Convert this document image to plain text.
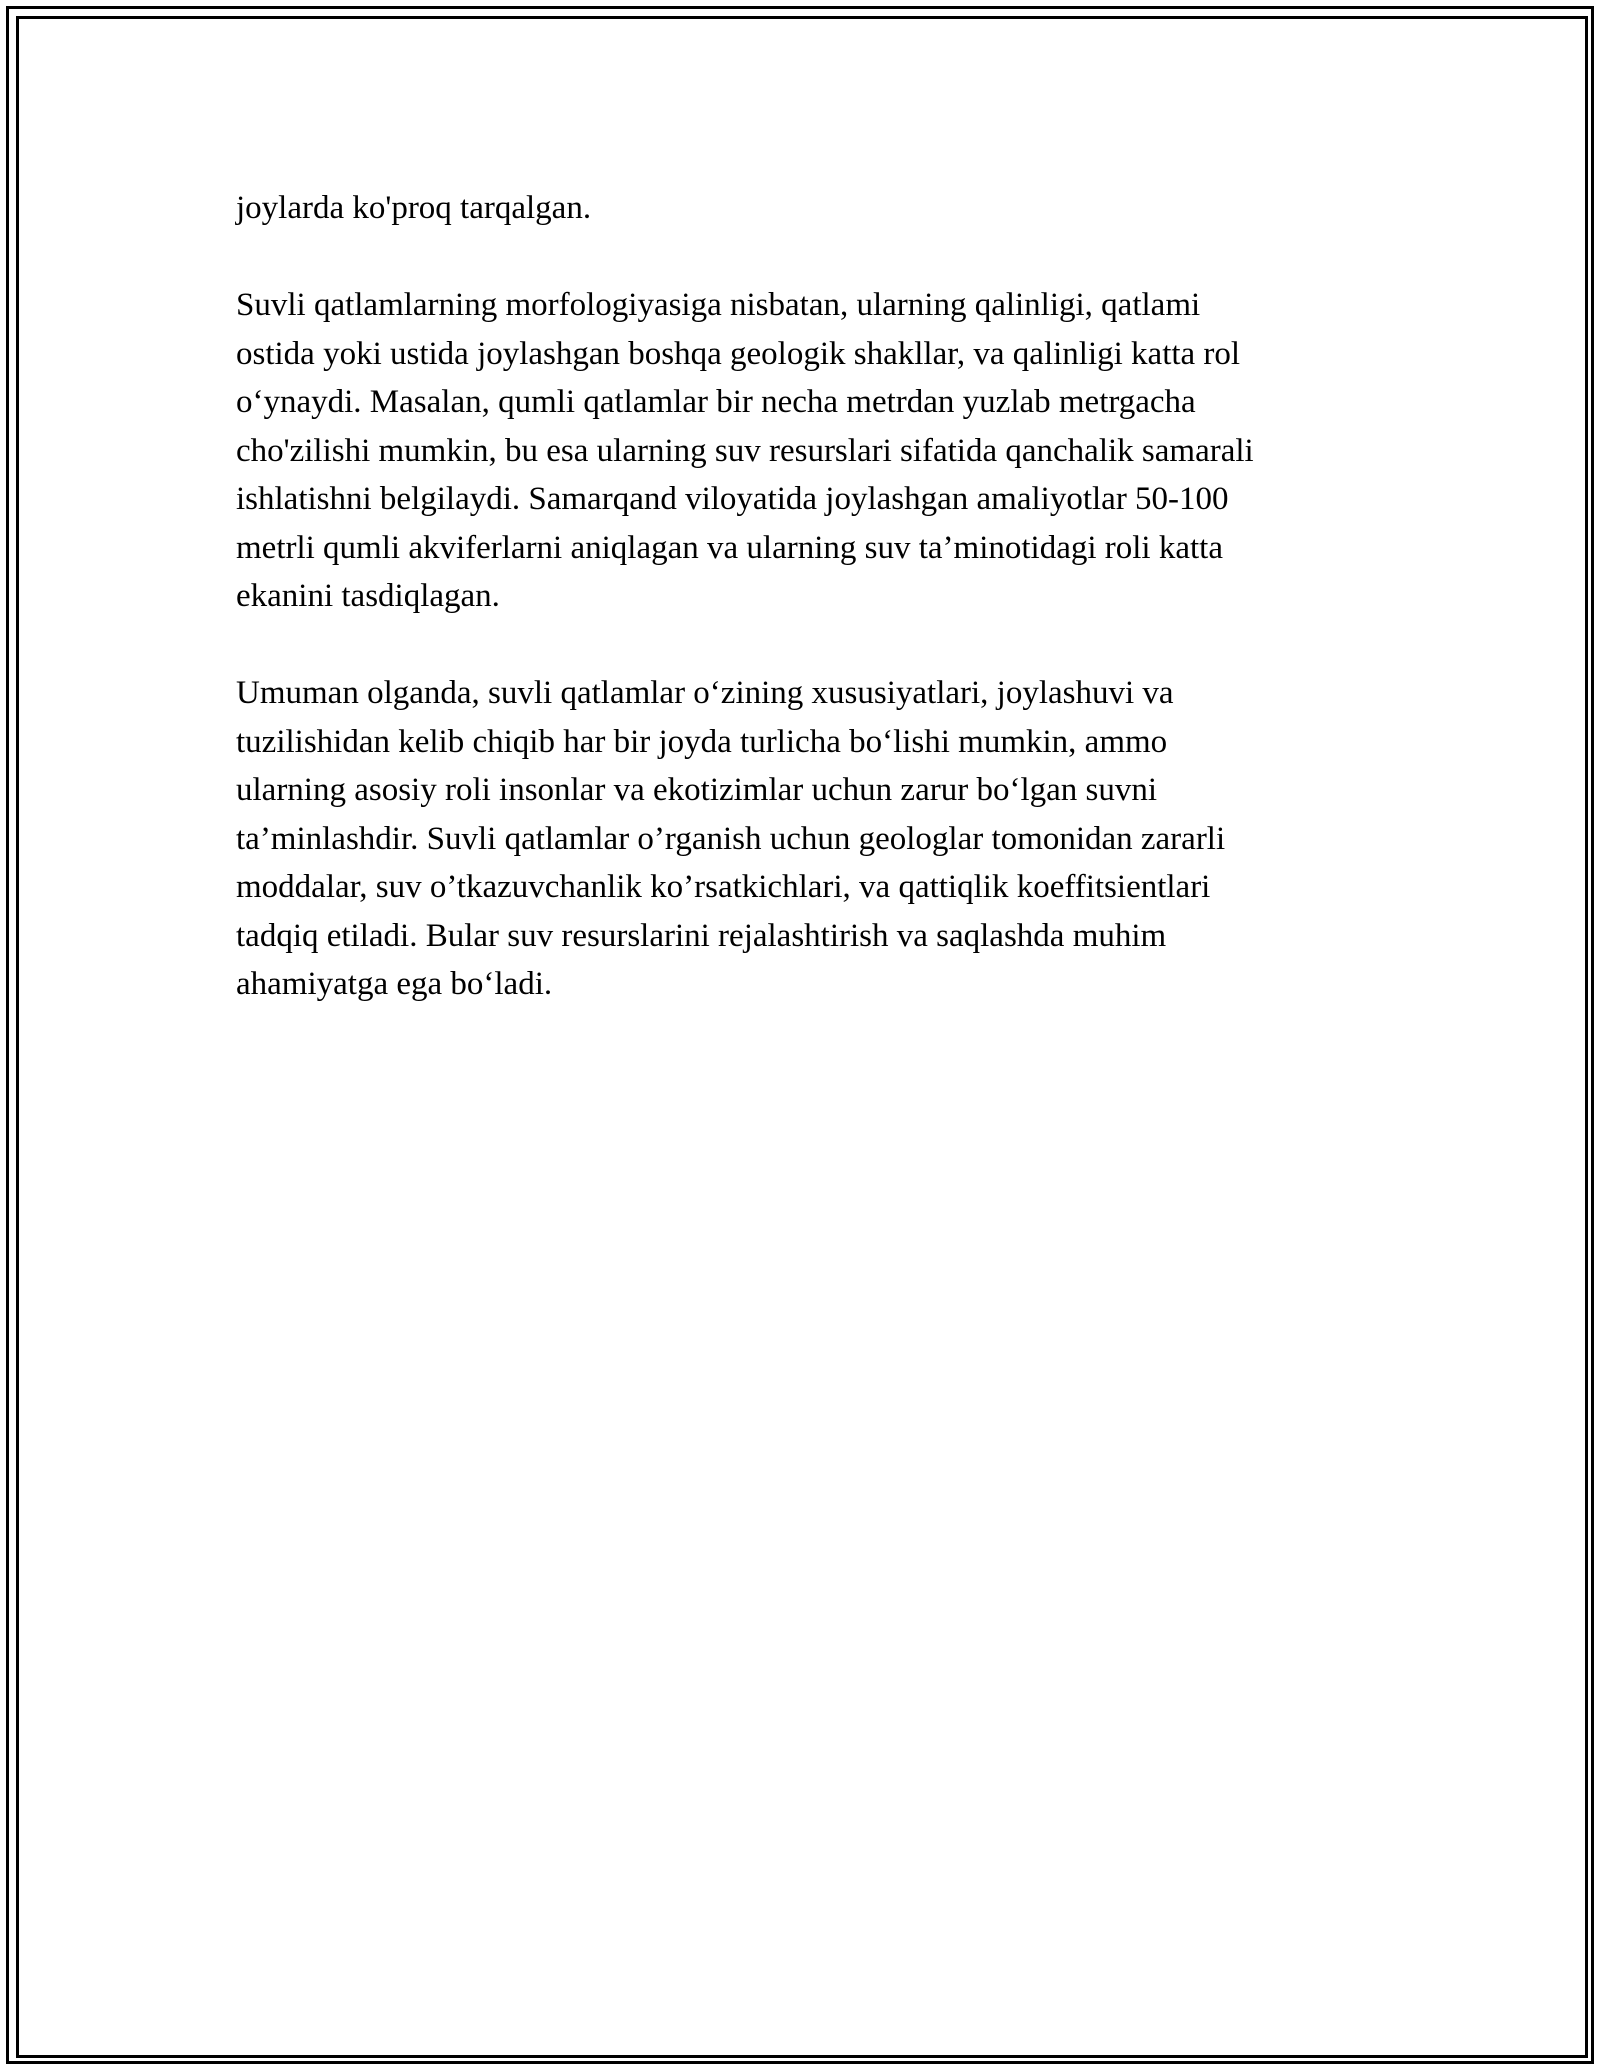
joylarda ko'proq tarqalgan.

Suvli qatlamlarning morfologiyasiga nisbatan, ularning qalinligi, qatlami
ostida yoki ustida joylashgan boshqa geologik shakllar, va qalinligi katta rol
o‘ynaydi. Masalan, qumli qatlamlar bir necha metrdan yuzlab metrgacha
cho'zilishi mumkin, bu esa ularning suv resurslari sifatida qanchalik samarali
ishlatishni belgilaydi. Samarqand viloyatida joylashgan amaliyotlar 50-100
metrli qumli akviferlarni aniqlagan va ularning suv ta’minotidagi roli katta
ekanini tasdiqlagan.

Umuman olganda, suvli qatlamlar o‘zining xususiyatlari, joylashuvi va
tuzilishidan kelib chiqib har bir joyda turlicha bo‘lishi mumkin, ammo
ularning asosiy roli insonlar va ekotizimlar uchun zarur bo‘lgan suvni
ta’minlashdir. Suvli qatlamlar o’rganish uchun geologlar tomonidan zararli
moddalar, suv o’tkazuvchanlik ko’rsatkichlari, va qattiqlik koeffitsientlari
tadqiq etiladi. Bular suv resurslarini rejalashtirish va saqlashda muhim
ahamiyatga ega bo‘ladi.
